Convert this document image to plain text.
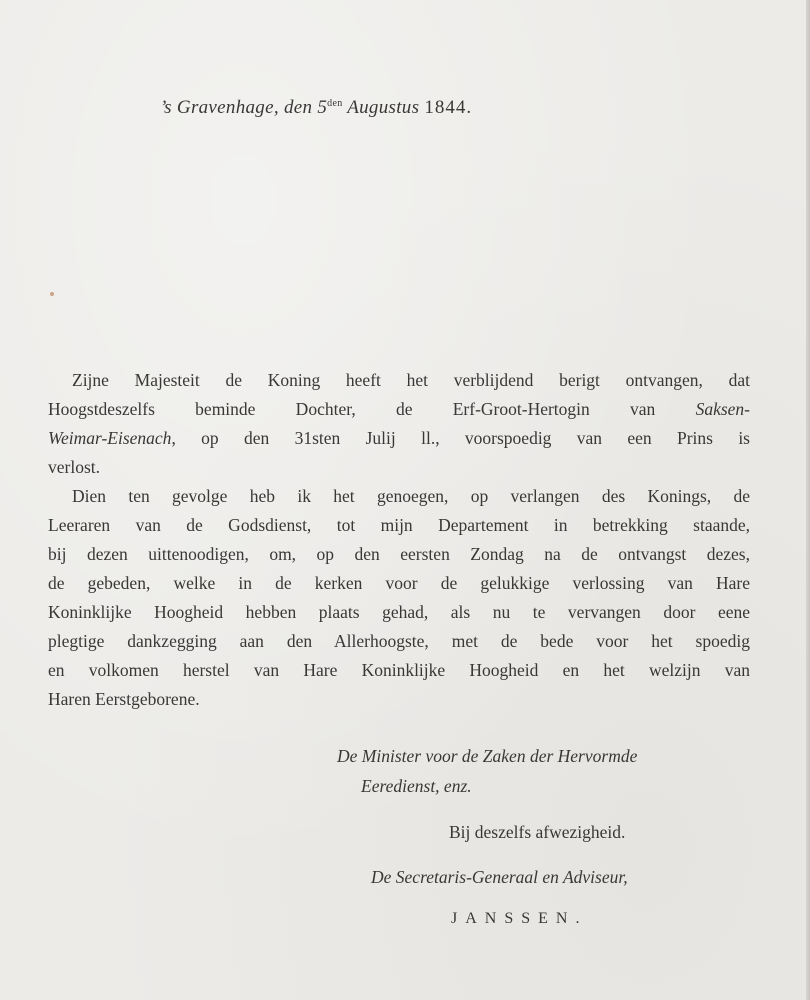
’s Gravenhage, den $5^{den}$ Augustus 1844.
Zijne Majesteit de Koning heeft het verblijdend berigt ontvangen, dat
Hoogstdeszelfs beminde Dochter, de Erf-Groot-Hertogin van Saksen-
Weimar-Eisenach, op den 31sten Julij ll., voorspoedig van een Prins is
verlost.
Dien ten gevolge heb ik het genoegen, op verlangen des Konings, de
Leeraren van de Godsdienst, tot mijn Departement in betrekking staande,
bij dezen uittenoodigen, om, op den eersten Zondag na de ontvangst dezes,
de gebeden, welke in de kerken voor de gelukkige verlossing van Hare
Koninklijke Hoogheid hebben plaats gehad, als nu te vervangen door eene
plegtige dankzegging aan den Allerhoogste, met de bede voor het spoedig
en volkomen herstel van Hare Koninklijke Hoogheid en het welzijn van
Haren Eerstgeborene.
De Minister voor de Zaken der Hervormde
Eeredienst, enz.
Bij deszelfs afwezigheid.
De Secretaris-Generaal en Adviseur,
JANSSEN.
